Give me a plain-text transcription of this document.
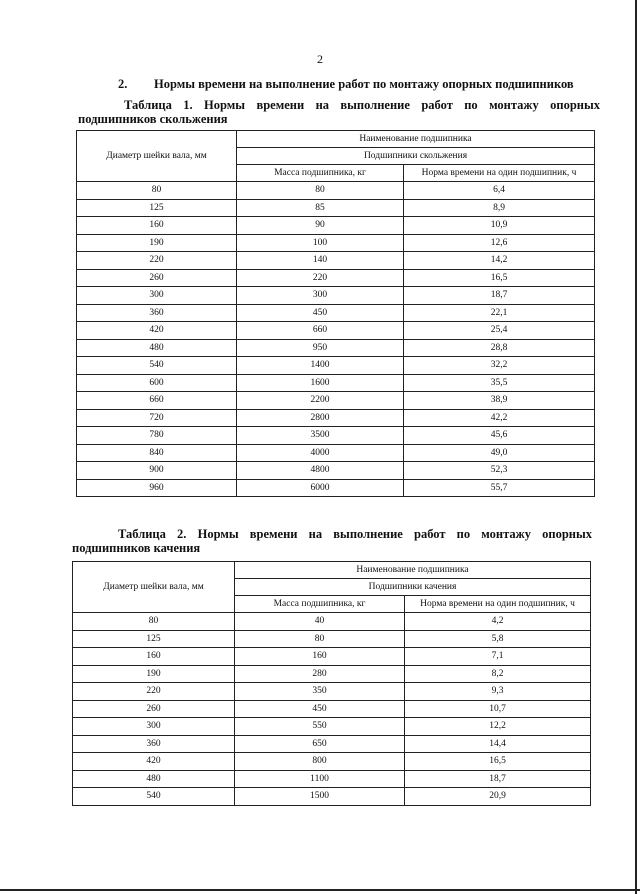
2
2. Нормы времени на выполнение работ по монтажу опорных подшипников
Таблица 1. Нормы времени на выполнение работ по монтажу опорных подшипников скольжения
Диаметр шейки вала, мм	Наименование подшипника	
	Подшипники скольжения	
	Масса подшипника, кг	Норма времени на один подшипник, ч
80	80	6,4
125	85	8,9
160	90	10,9
190	100	12,6
220	140	14,2
260	220	16,5
300	300	18,7
360	450	22,1
420	660	25,4
480	950	28,8
540	1400	32,2
600	1600	35,5
660	2200	38,9
720	2800	42,2
780	3500	45,6
840	4000	49,0
900	4800	52,3
960	6000	55,7
Таблица 2. Нормы времени на выполнение работ по монтажу опорных подшипников качения
Диаметр шейки вала, мм	Наименование подшипника	
	Подшипники качения	
	Масса подшипника, кг	Норма времени на один подшипник, ч
80	40	4,2
125	80	5,8
160	160	7,1
190	280	8,2
220	350	9,3
260	450	10,7
300	550	12,2
360	650	14,4
420	800	16,5
480	1100	18,7
540	1500	20,9
